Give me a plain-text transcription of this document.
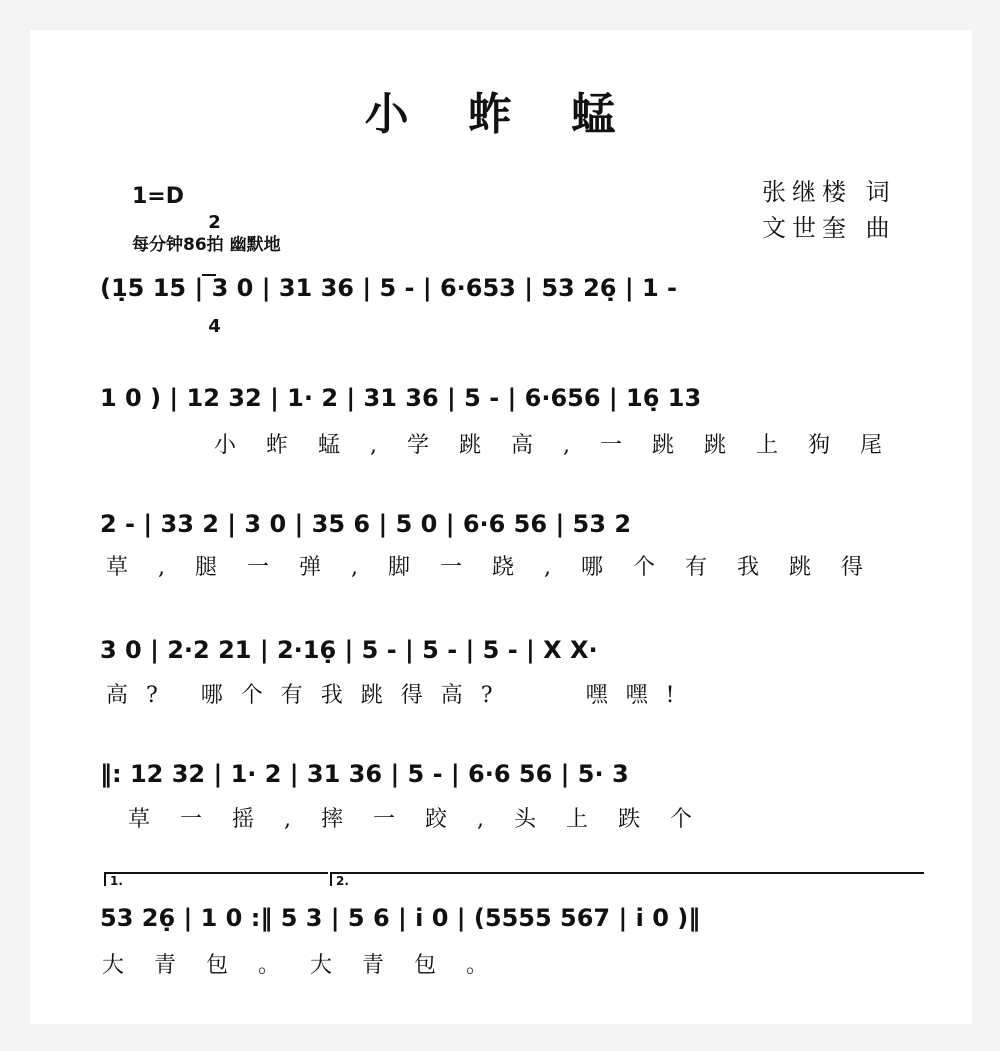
小 蚱 蜢
张继楼 词
文世奎 曲
1=D

2

4

每分钟86拍 幽默地
(1̣5 15 | 3 0 | 31 36 | 5 - | 6·653 | 53 26̣ | 1 -
1 0 ) | 12 32 | 1· 2 | 31 36 | 5 - | 6·656 | 16̣ 13
小蚱蜢,学跳高,一跳跳上狗尾
2 - | 33 2 | 3 0 | 35 6 | 5 0 | 6·6 56 | 53 2
草,腿一弹,脚一跷,哪个有我跳得
3 0 | 2·2 21 | 2·16̣ | 5 - | 5 - | 5 - | X X·
高? 哪个有我跳得高?   嘿嘿!
‖: 12 32 | 1· 2 | 31 36 | 5 - | 6·6 56 | 5· 3
草一摇,摔一跤,头上跌个

1.

	2.

53 26̣ | 1 0 :‖ 5 3 | 5 6 | i 0 | (5555 567 | i 0 )‖
大青包。大青包。
